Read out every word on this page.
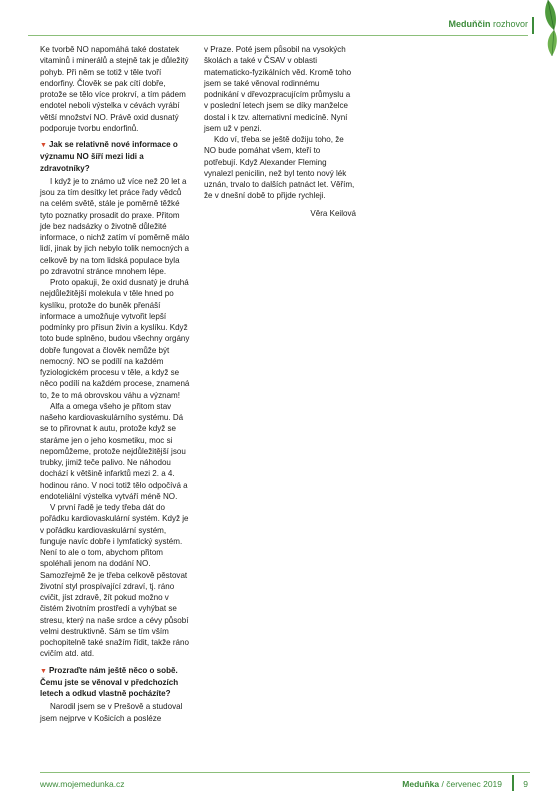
Meduňčin rozhovor

Ke tvorbě NO napomáhá také dostatek vitaminů i minerálů a stejně tak je důležitý pohyb. Při něm se totiž v těle tvoří endorfiny. Člověk se pak cítí dobře, protože se tělo více prokrví, a tím pádem endotel neboli výstelka v cévách vyrábí větší množství NO. Právě oxid dusnatý podporuje tvorbu endorfinů.

▼ Jak se relativně nové informace o významu NO šíří mezi lidi a zdravotníky?

I když je to známo už více než 20 let a jsou za tím desítky let práce řady vědců na celém světě, stále je poměrně těžké tyto poznatky prosadit do praxe. Přitom jde bez nadsázky o životně důležité informace, o nichž zatím ví poměrně málo lidí, jinak by jich nebylo tolik nemocných a celkově by na tom lidská populace byla po zdravotní stránce mnohem lépe.

Proto opakuji, že oxid dusnatý je druhá nejdůležitější molekula v těle hned po kyslíku, protože do buněk přenáší informace a umožňuje vytvořit lepší podmínky pro přísun živin a kyslíku. Když toto bude splněno, budou všechny orgány dobře fungovat a člověk nemůže být nemocný. NO se podílí na každém fyziologickém procesu v těle, a když se něco podílí na každém procese, znamená to, že to má obrovskou váhu a význam!

Alfa a omega všeho je přitom stav našeho kardiovaskulárního systému. Dá se to přirovnat k autu, protože když se staráme jen o jeho kosmetiku, moc si nepomůžeme, protože nejdůležitější jsou trubky, jimiž teče palivo. Ne náhodou dochází k většině infarktů mezi 2. a 4. hodinou ráno. V noci totiž tělo odpočívá a endoteliální výstelka vytváří méně NO.

V první řadě je tedy třeba dát do pořádku kardiovaskulární systém. Když je v pořádku kardiovaskulární systém, funguje navíc dobře i lymfatický systém. Není to ale o tom, abychom přitom spoléhali jenom na dodání NO. Samozřejmě že je třeba celkově pěstovat životní styl prospívající zdraví, tj. ráno cvičit, jíst zdravě, žít pokud možno v čistém životním prostředí a vyhýbat se stresu, který na naše srdce a cévy působí velmi destruktivně. Sám se tím vším pochopitelně také snažím řídit, takže ráno cvičím atd. atd.

▼ Prozraďte nám ještě něco o sobě. Čemu jste se věnoval v předchozích letech a odkud vlastně pocházíte?

Narodil jsem se v Prešově a studoval jsem nejprve v Košicích a posléze

v Praze. Poté jsem působil na vysokých školách a také v ČSAV v oblasti matematicko-fyzikálních věd. Kromě toho jsem se také věnoval rodinnému podnikání v dřevozpracujícím průmyslu a v poslední letech jsem se díky manželce dostal i k tzv. alternativní medicíně. Nyní jsem už v penzi.

Kdo ví, třeba se ještě dožiju toho, že NO bude pomáhat všem, kteří to potřebují. Když Alexander Fleming vynalezl penicilin, než byl tento nový lék uznán, trvalo to dalších patnáct let. Věřím, že v dnešní době to přijde rychleji.

Věra Keilová

www.mojemedunka.cz	Meduňka / červenec 2019	9
